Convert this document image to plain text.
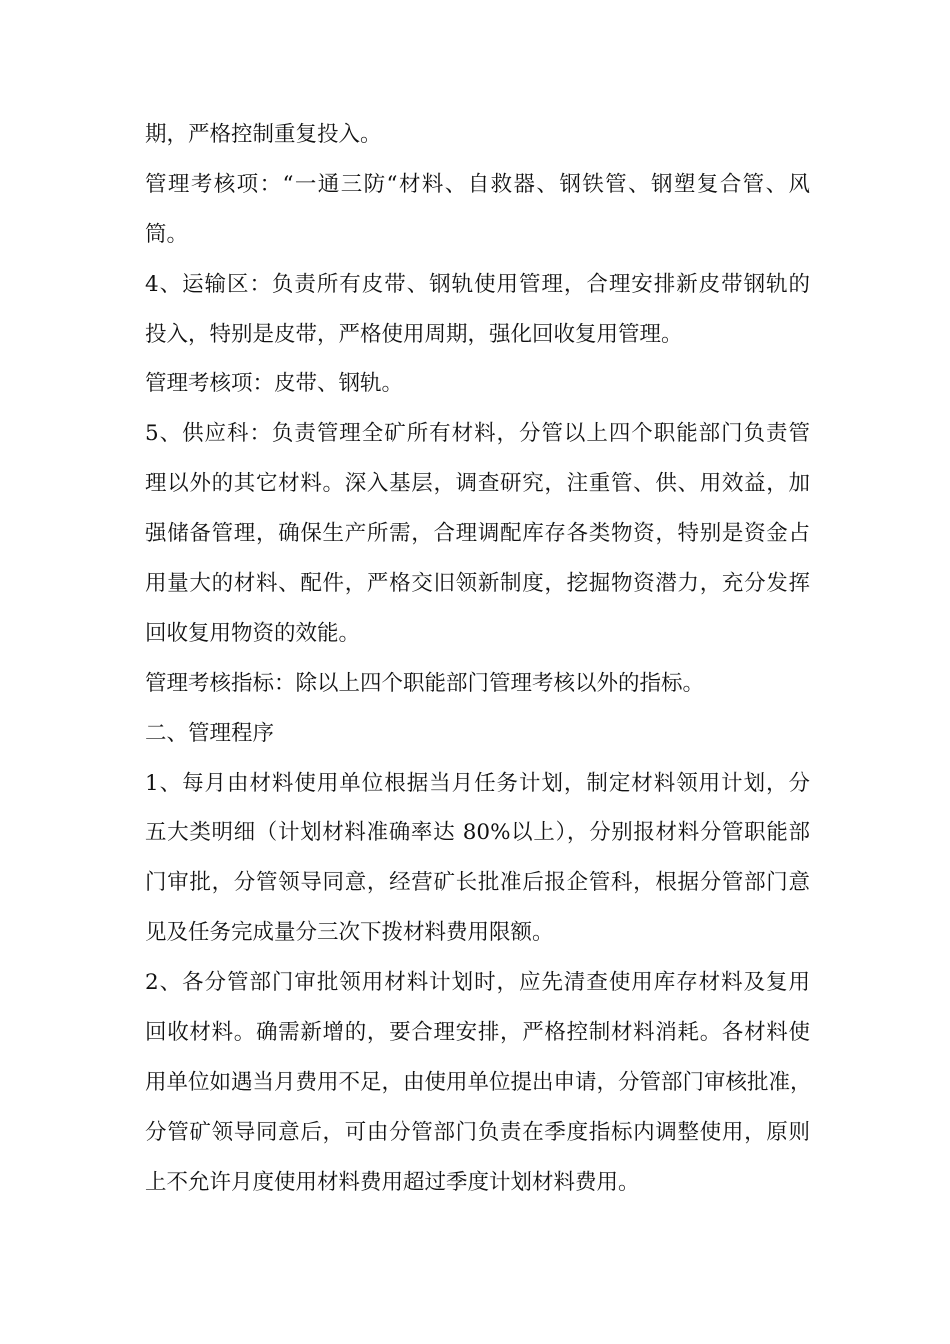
期，严格控制重复投入。
管理考核项：“一通三防“材料、自救器、钢铁管、钢塑复合管、风
筒。
4、运输区：负责所有皮带、钢轨使用管理，合理安排新皮带钢轨的
投入，特别是皮带，严格使用周期，强化回收复用管理。
管理考核项：皮带、钢轨。
5、供应科：负责管理全矿所有材料，分管以上四个职能部门负责管
理以外的其它材料。深入基层，调查研究，注重管、供、用效益，加
强储备管理，确保生产所需，合理调配库存各类物资，特别是资金占
用量大的材料、配件，严格交旧领新制度，挖掘物资潜力，充分发挥
回收复用物资的效能。
管理考核指标：除以上四个职能部门管理考核以外的指标。
二、管理程序
1、每月由材料使用单位根据当月任务计划，制定材料领用计划，分
五大类明细（计划材料准确率达 80%以上），分别报材料分管职能部
门审批，分管领导同意，经营矿长批准后报企管科，根据分管部门意
见及任务完成量分三次下拨材料费用限额。
2、各分管部门审批领用材料计划时，应先清查使用库存材料及复用
回收材料。确需新增的，要合理安排，严格控制材料消耗。各材料使
用单位如遇当月费用不足，由使用单位提出申请，分管部门审核批准，
分管矿领导同意后，可由分管部门负责在季度指标内调整使用，原则
上不允许月度使用材料费用超过季度计划材料费用。
